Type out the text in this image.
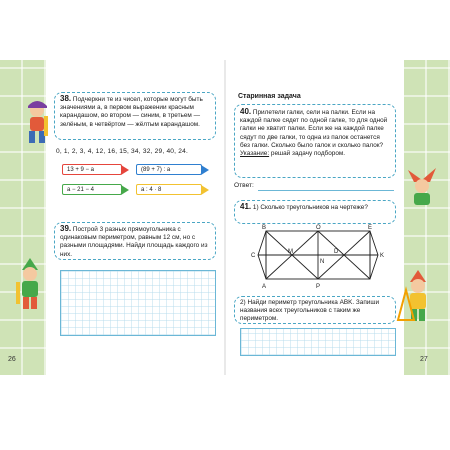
38. Подчеркни те из чисел, которые могут быть значениями а, в первом выражении красным карандашом, во втором — синим, в третьем — зелёным, в четвёртом — жёлтым карандашом.
0, 1, 2, 3, 4, 12, 16, 15, 34, 32, 29, 40, 24.
13 + 9 − a	(89 + 7) : a
a − 21 − 4	a : 4 · 8
39. Построй 3 разных прямоугольника с одинаковым периметром, равным 12 см, но с разными площадями. Найди площадь каждого из них.
26
Старинная задача
40. Прилетели галки, сели на палки. Если на каждой палке сядет по одной галке, то для одной галки не хватит палки. Если же на каждой палке сядут по две галки, то одна из палок останется без галки. Сколько было галок и сколько палок?
Указание: решай задачу подбором.
Ответ:
41. 1) Сколько треугольников на чертеже?
B	O	E
M	D
C
N
K
A	P
2) Найди периметр треугольника ABK. Запиши названия всех треугольников с таким же периметром.
27
